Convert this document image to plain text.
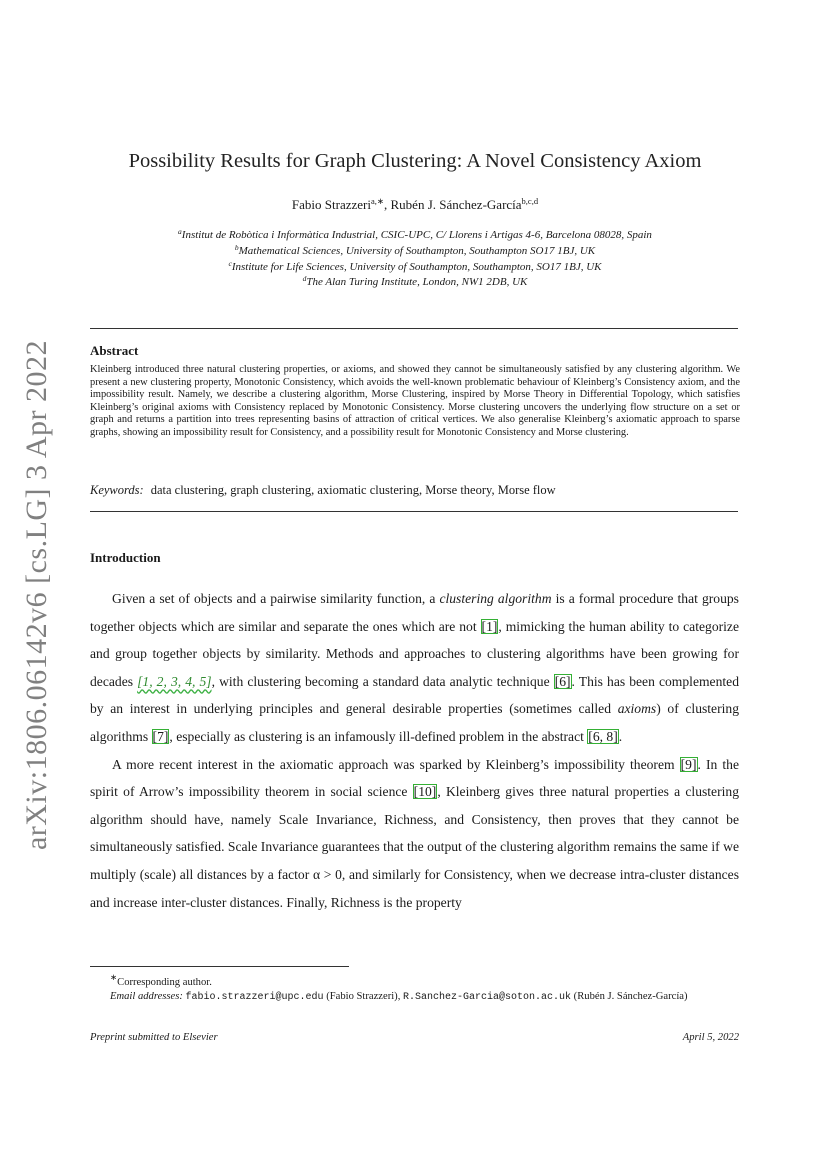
arXiv:1806.06142v6 [cs.LG] 3 Apr 2022
Possibility Results for Graph Clustering: A Novel Consistency Axiom
Fabio Strazzeri$^{a,∗}$, Rubén J. Sánchez-García$^{b,c,d}$
$^a$Institut de Robòtica i Informàtica Industrial, CSIC-UPC, C/ Llorens i Artigas 4-6, Barcelona 08028, Spain
$^b$Mathematical Sciences, University of Southampton, Southampton SO17 1BJ, UK
$^c$Institute for Life Sciences, University of Southampton, Southampton, SO17 1BJ, UK
$^d$The Alan Turing Institute, London, NW1 2DB, UK
Abstract
Kleinberg introduced three natural clustering properties, or axioms, and showed they cannot be simultaneously satisfied by any clustering algorithm. We present a new clustering property, Monotonic Consistency, which avoids the well-known problematic behaviour of Kleinberg’s Consistency axiom, and the impossibility result. Namely, we describe a clustering algorithm, Morse Clustering, inspired by Morse Theory in Differential Topology, which satisfies Kleinberg’s original axioms with Consistency replaced by Monotonic Consistency. Morse clustering uncovers the underlying flow structure on a set or graph and returns a partition into trees representing basins of attraction of critical vertices. We also generalise Kleinberg’s axiomatic approach to sparse graphs, showing an impossibility result for Consistency, and a possibility result for Monotonic Consistency and Morse clustering.
Keywords: data clustering, graph clustering, axiomatic clustering, Morse theory, Morse flow
Introduction

Given a set of objects and a pairwise similarity function, a clustering algorithm is a formal procedure that groups together objects which are similar and separate the ones which are not [1], mimicking the human ability to categorize and group together objects by similarity. Methods and approaches to clustering algorithms have been growing for decades [1, 2, 3, 4, 5], with clustering becoming a standard data analytic technique [6]. This has been complemented by an interest in underlying principles and general desirable properties (sometimes called axioms) of clustering algorithms [7], especially as clustering is an infamously ill-defined problem in the abstract [6, 8].

A more recent interest in the axiomatic approach was sparked by Kleinberg’s impossibility theorem [9]. In the spirit of Arrow’s impossibility theorem in social science [10], Kleinberg gives three natural properties a clustering algorithm should have, namely Scale Invariance, Richness, and Consistency, then proves that they cannot be simultaneously satisfied. Scale Invariance guarantees that the output of the clustering algorithm remains the same if we multiply (scale) all distances by a factor α > 0, and similarly for Consistency, when we decrease intra-cluster distances and increase inter-cluster distances. Finally, Richness is the property

∗Corresponding author.
Email addresses: fabio.strazzeri@upc.edu (Fabio Strazzeri), R.Sanchez-Garcia@soton.ac.uk (Rubén J. Sánchez-García)
Preprint submitted to Elsevier	April 5, 2022
